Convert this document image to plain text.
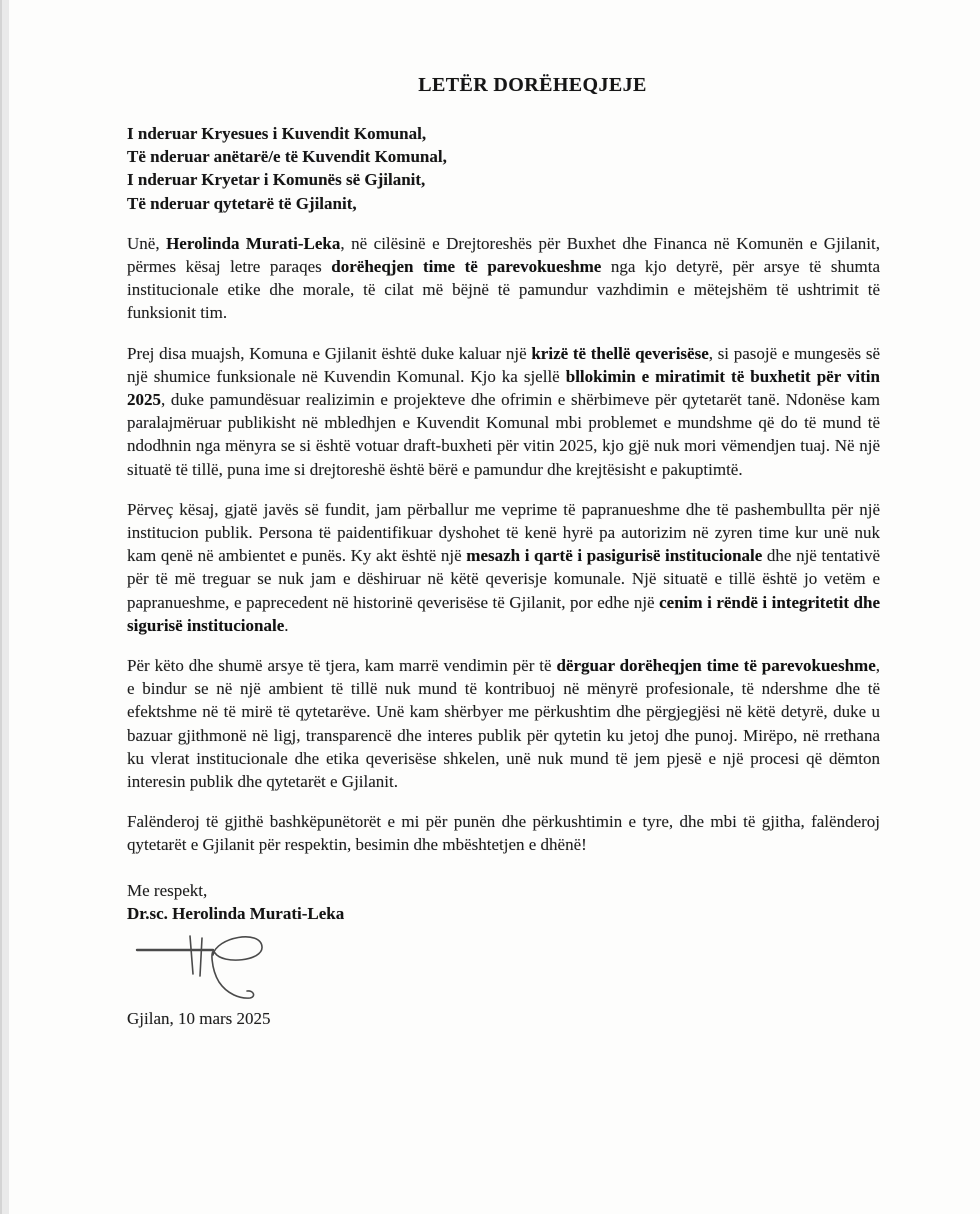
LETËR DORËHEQJEJE
I nderuar Kryesues i Kuvendit Komunal,
Të nderuar anëtarë/e të Kuvendit Komunal,
I nderuar Kryetar i Komunës së Gjilanit,
Të nderuar qytetarë të Gjilanit,

Unë, Herolinda Murati-Leka, në cilësinë e Drejtoreshës për Buxhet dhe Financa në Komunën e Gjilanit, përmes kësaj letre paraqes dorëheqjen time të parevokueshme nga kjo detyrë, për arsye të shumta institucionale etike dhe morale, të cilat më bëjnë të pamundur vazhdimin e mëtejshëm të ushtrimit të funksionit tim.

Prej disa muajsh, Komuna e Gjilanit është duke kaluar një krizë të thellë qeverisëse, si pasojë e mungesës së një shumice funksionale në Kuvendin Komunal. Kjo ka sjellë bllokimin e miratimit të buxhetit për vitin 2025, duke pamundësuar realizimin e projekteve dhe ofrimin e shërbimeve për qytetarët tanë. Ndonëse kam paralajmëruar publikisht në mbledhjen e Kuvendit Komunal mbi problemet e mundshme që do të mund të ndodhnin nga mënyra se si është votuar draft-buxheti për vitin 2025, kjo gjë nuk mori vëmendjen tuaj. Në një situatë të tillë, puna ime si drejtoreshë është bërë e pamundur dhe krejtësisht e pakuptimtë.

Përveç kësaj, gjatë javës së fundit, jam përballur me veprime të papranueshme dhe të pashembullta për një institucion publik. Persona të paidentifikuar dyshohet të kenë hyrë pa autorizim në zyren time kur unë nuk kam qenë në ambientet e punës. Ky akt është një mesazh i qartë i pasigurisë institucionale dhe një tentativë për të më treguar se nuk jam e dëshiruar në këtë qeverisje komunale. Një situatë e tillë është jo vetëm e papranueshme, e paprecedent në historinë qeverisëse të Gjilanit, por edhe një cenim i rëndë i integritetit dhe sigurisë institucionale.

Për këto dhe shumë arsye të tjera, kam marrë vendimin për të dërguar dorëheqjen time të parevokueshme, e bindur se në një ambient të tillë nuk mund të kontribuoj në mënyrë profesionale, të ndershme dhe të efektshme në të mirë të qytetarëve. Unë kam shërbyer me përkushtim dhe përgjegjësi në këtë detyrë, duke u bazuar gjithmonë në ligj, transparencë dhe interes publik për qytetin ku jetoj dhe punoj. Mirëpo, në rrethana ku vlerat institucionale dhe etika qeverisëse shkelen, unë nuk mund të jem pjesë e një procesi që dëmton interesin publik dhe qytetarët e Gjilanit.

Falënderoj të gjithë bashkëpunëtorët e mi për punën dhe përkushtimin e tyre, dhe mbi të gjitha, falënderoj qytetarët e Gjilanit për respektin, besimin dhe mbështetjen e dhënë!

Me respekt,
Dr.sc. Herolinda Murati-Leka
Gjilan, 10 mars 2025
